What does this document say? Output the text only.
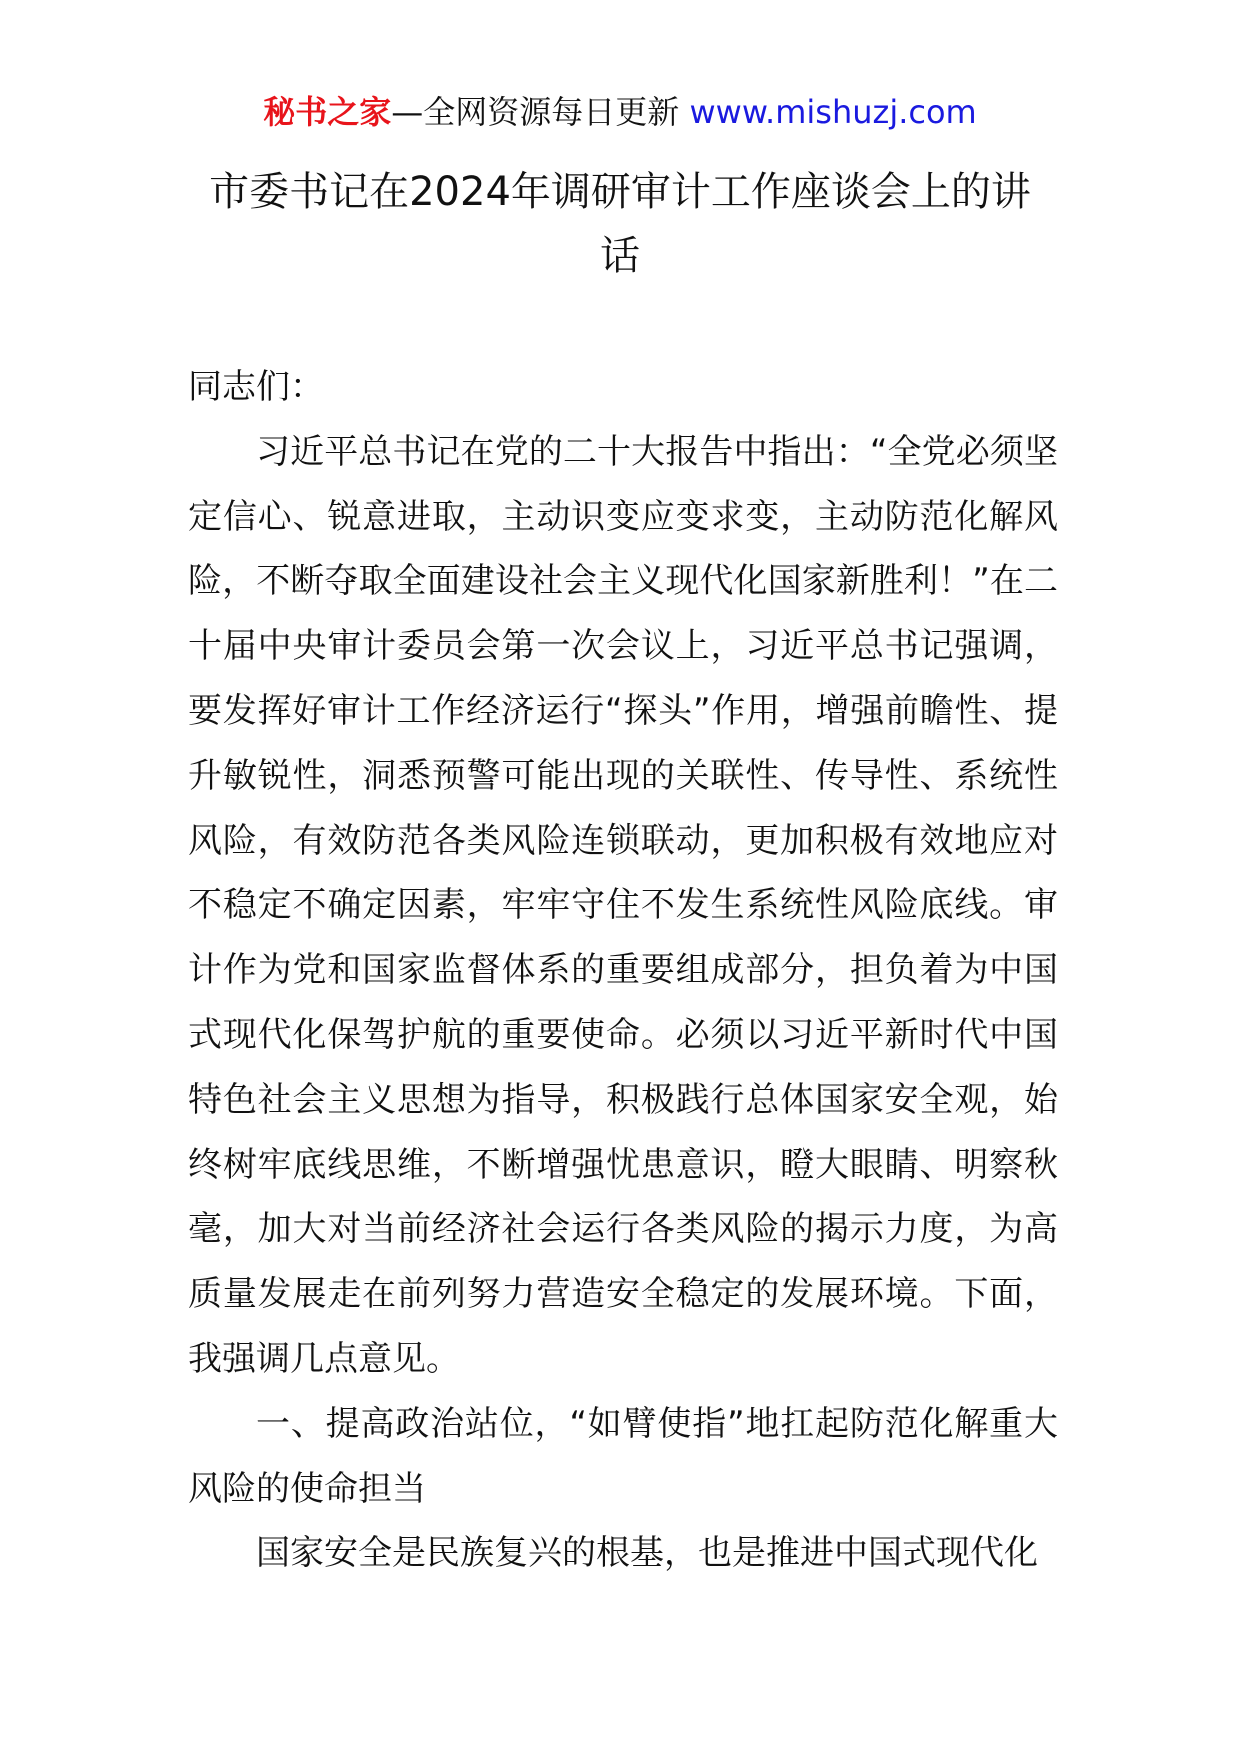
秘书之家—全网资源每日更新 www.mishuzj.com
市委书记在2024年调研审计工作座谈会上的讲话

同志们：

习近平总书记在党的二十大报告中指出：“全党必须坚定信心、锐意进取，主动识变应变求变，主动防范化解风险，不断夺取全面建设社会主义现代化国家新胜利！”在二十届中央审计委员会第一次会议上，习近平总书记强调，要发挥好审计工作经济运行“探头”作用，增强前瞻性、提升敏锐性，洞悉预警可能出现的关联性、传导性、系统性风险，有效防范各类风险连锁联动，更加积极有效地应对不稳定不确定因素，牢牢守住不发生系统性风险底线。审计作为党和国家监督体系的重要组成部分，担负着为中国式现代化保驾护航的重要使命。必须以习近平新时代中国特色社会主义思想为指导，积极践行总体国家安全观，始终树牢底线思维，不断增强忧患意识，瞪大眼睛、明察秋毫，加大对当前经济社会运行各类风险的揭示力度，为高质量发展走在前列努力营造安全稳定的发展环境。下面，我强调几点意见。

一、提高政治站位，“如臂使指”地扛起防范化解重大风险的使命担当

国家安全是民族复兴的根基，也是推进中国式现代化
